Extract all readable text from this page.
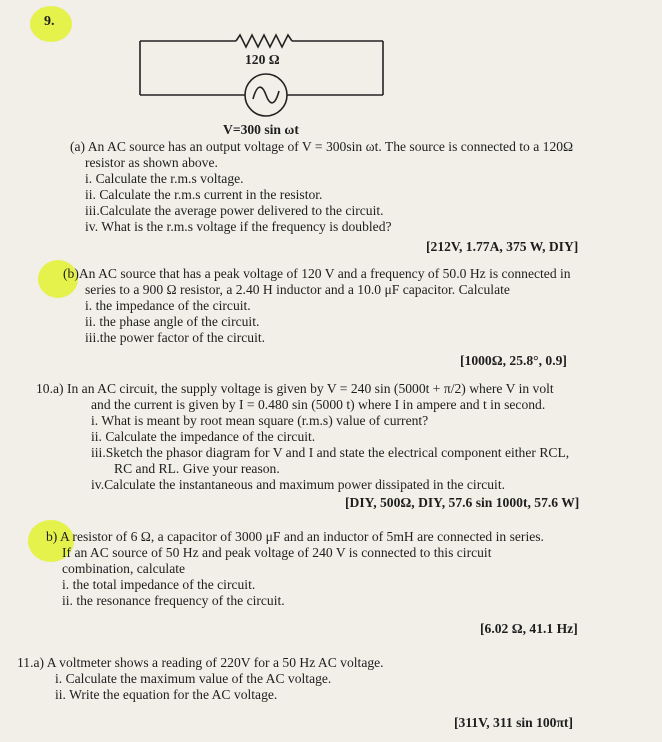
9.
120 Ω
V=300 sin ωt
(a) An AC source has an output voltage of V = 300sin ωt. The source is connected to a 120Ω
resistor as shown above.
i. Calculate the r.m.s voltage.
ii. Calculate the r.m.s current in the resistor.
iii.Calculate the average power delivered to the circuit.
iv. What is the r.m.s voltage if the frequency is doubled?
[212V, 1.77A, 375 W, DIY]
(b)An AC source that has a peak voltage of 120 V and a frequency of 50.0 Hz is connected in
series to a 900 Ω resistor, a 2.40 H inductor and a 10.0 μF capacitor. Calculate
i. the impedance of the circuit.
ii. the phase angle of the circuit.
iii.the power factor of the circuit.
[1000Ω, 25.8°, 0.9]
10.a) In an AC circuit, the supply voltage is given by V = 240 sin (5000t + π/2) where V in volt
and the current is given by I = 0.480 sin (5000 t) where I in ampere and t in second.
i. What is meant by root mean square (r.m.s) value of current?
ii. Calculate the impedance of the circuit.
iii.Sketch the phasor diagram for V and I and state the electrical component either RCL,
RC and RL. Give your reason.
iv.Calculate the instantaneous and maximum power dissipated in the circuit.
[DIY, 500Ω, DIY, 57.6 sin 1000t, 57.6 W]
b) A resistor of 6 Ω, a capacitor of 3000 μF and an inductor of 5mH are connected in series.
If an AC source of 50 Hz and peak voltage of 240 V is connected to this circuit
combination, calculate
i. the total impedance of the circuit.
ii. the resonance frequency of the circuit.
[6.02 Ω, 41.1 Hz]
11.a) A voltmeter shows a reading of 220V for a 50 Hz AC voltage.
i. Calculate the maximum value of the AC voltage.
ii. Write the equation for the AC voltage.
[311V, 311 sin 100πt]
